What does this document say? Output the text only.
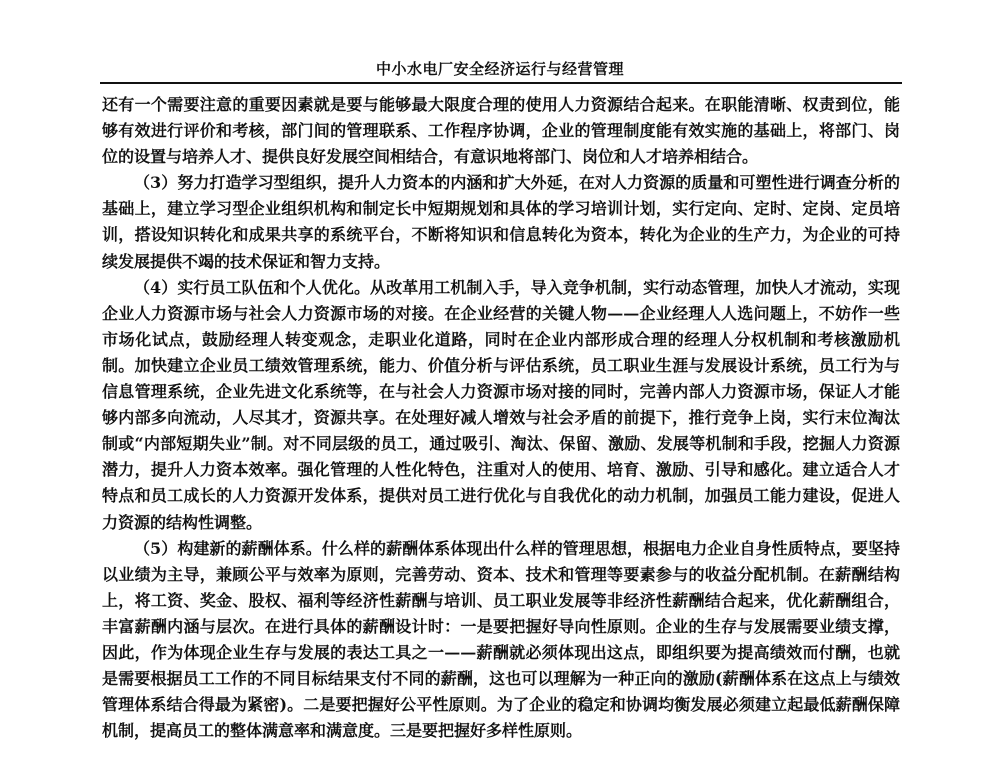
中小水电厂安全经济运行与经营管理

还有一个需要注意的重要因素就是要与能够最大限度合理的使用人力资源结合起来。在职能清晰、权责到位，能够有效进行评价和考核，部门间的管理联系、工作程序协调，企业的管理制度能有效实施的基础上，将部门、岗位的设置与培养人才、提供良好发展空间相结合，有意识地将部门、岗位和人才培养相结合。

（3）努力打造学习型组织，提升人力资本的内涵和扩大外延，在对人力资源的质量和可塑性进行调查分析的基础上，建立学习型企业组织机构和制定长中短期规划和具体的学习培训计划，实行定向、定时、定岗、定员培训，搭设知识转化和成果共享的系统平台，不断将知识和信息转化为资本，转化为企业的生产力，为企业的可持续发展提供不竭的技术保证和智力支持。

（4）实行员工队伍和个人优化。从改革用工机制入手，导入竞争机制，实行动态管理，加快人才流动，实现企业人力资源市场与社会人力资源市场的对接。在企业经营的关键人物——企业经理人人选问题上，不妨作一些市场化试点，鼓励经理人转变观念，走职业化道路，同时在企业内部形成合理的经理人分权机制和考核激励机制。加快建立企业员工绩效管理系统，能力、价值分析与评估系统，员工职业生涯与发展设计系统，员工行为与信息管理系统，企业先进文化系统等，在与社会人力资源市场对接的同时，完善内部人力资源市场，保证人才能够内部多向流动，人尽其才，资源共享。在处理好减人增效与社会矛盾的前提下，推行竞争上岗，实行末位淘汰制或“内部短期失业”制。对不同层级的员工，通过吸引、淘汰、保留、激励、发展等机制和手段，挖掘人力资源潜力，提升人力资本效率。强化管理的人性化特色，注重对人的使用、培育、激励、引导和感化。建立适合人才特点和员工成长的人力资源开发体系，提供对员工进行优化与自我优化的动力机制，加强员工能力建设，促进人力资源的结构性调整。

（5）构建新的薪酬体系。什么样的薪酬体系体现出什么样的管理思想，根据电力企业自身性质特点，要坚持以业绩为主导，兼顾公平与效率为原则，完善劳动、资本、技术和管理等要素参与的收益分配机制。在薪酬结构上，将工资、奖金、股权、福利等经济性薪酬与培训、员工职业发展等非经济性薪酬结合起来，优化薪酬组合，丰富薪酬内涵与层次。在进行具体的薪酬设计时：一是要把握好导向性原则。企业的生存与发展需要业绩支撑，因此，作为体现企业生存与发展的表达工具之一——薪酬就必须体现出这点，即组织要为提高绩效而付酬，也就是需要根据员工工作的不同目标结果支付不同的薪酬，这也可以理解为一种正向的激励(薪酬体系在这点上与绩效管理体系结合得最为紧密)。二是要把握好公平性原则。为了企业的稳定和协调均衡发展必须建立起最低薪酬保障机制，提高员工的整体满意率和满意度。三是要把握好多样性原则。
